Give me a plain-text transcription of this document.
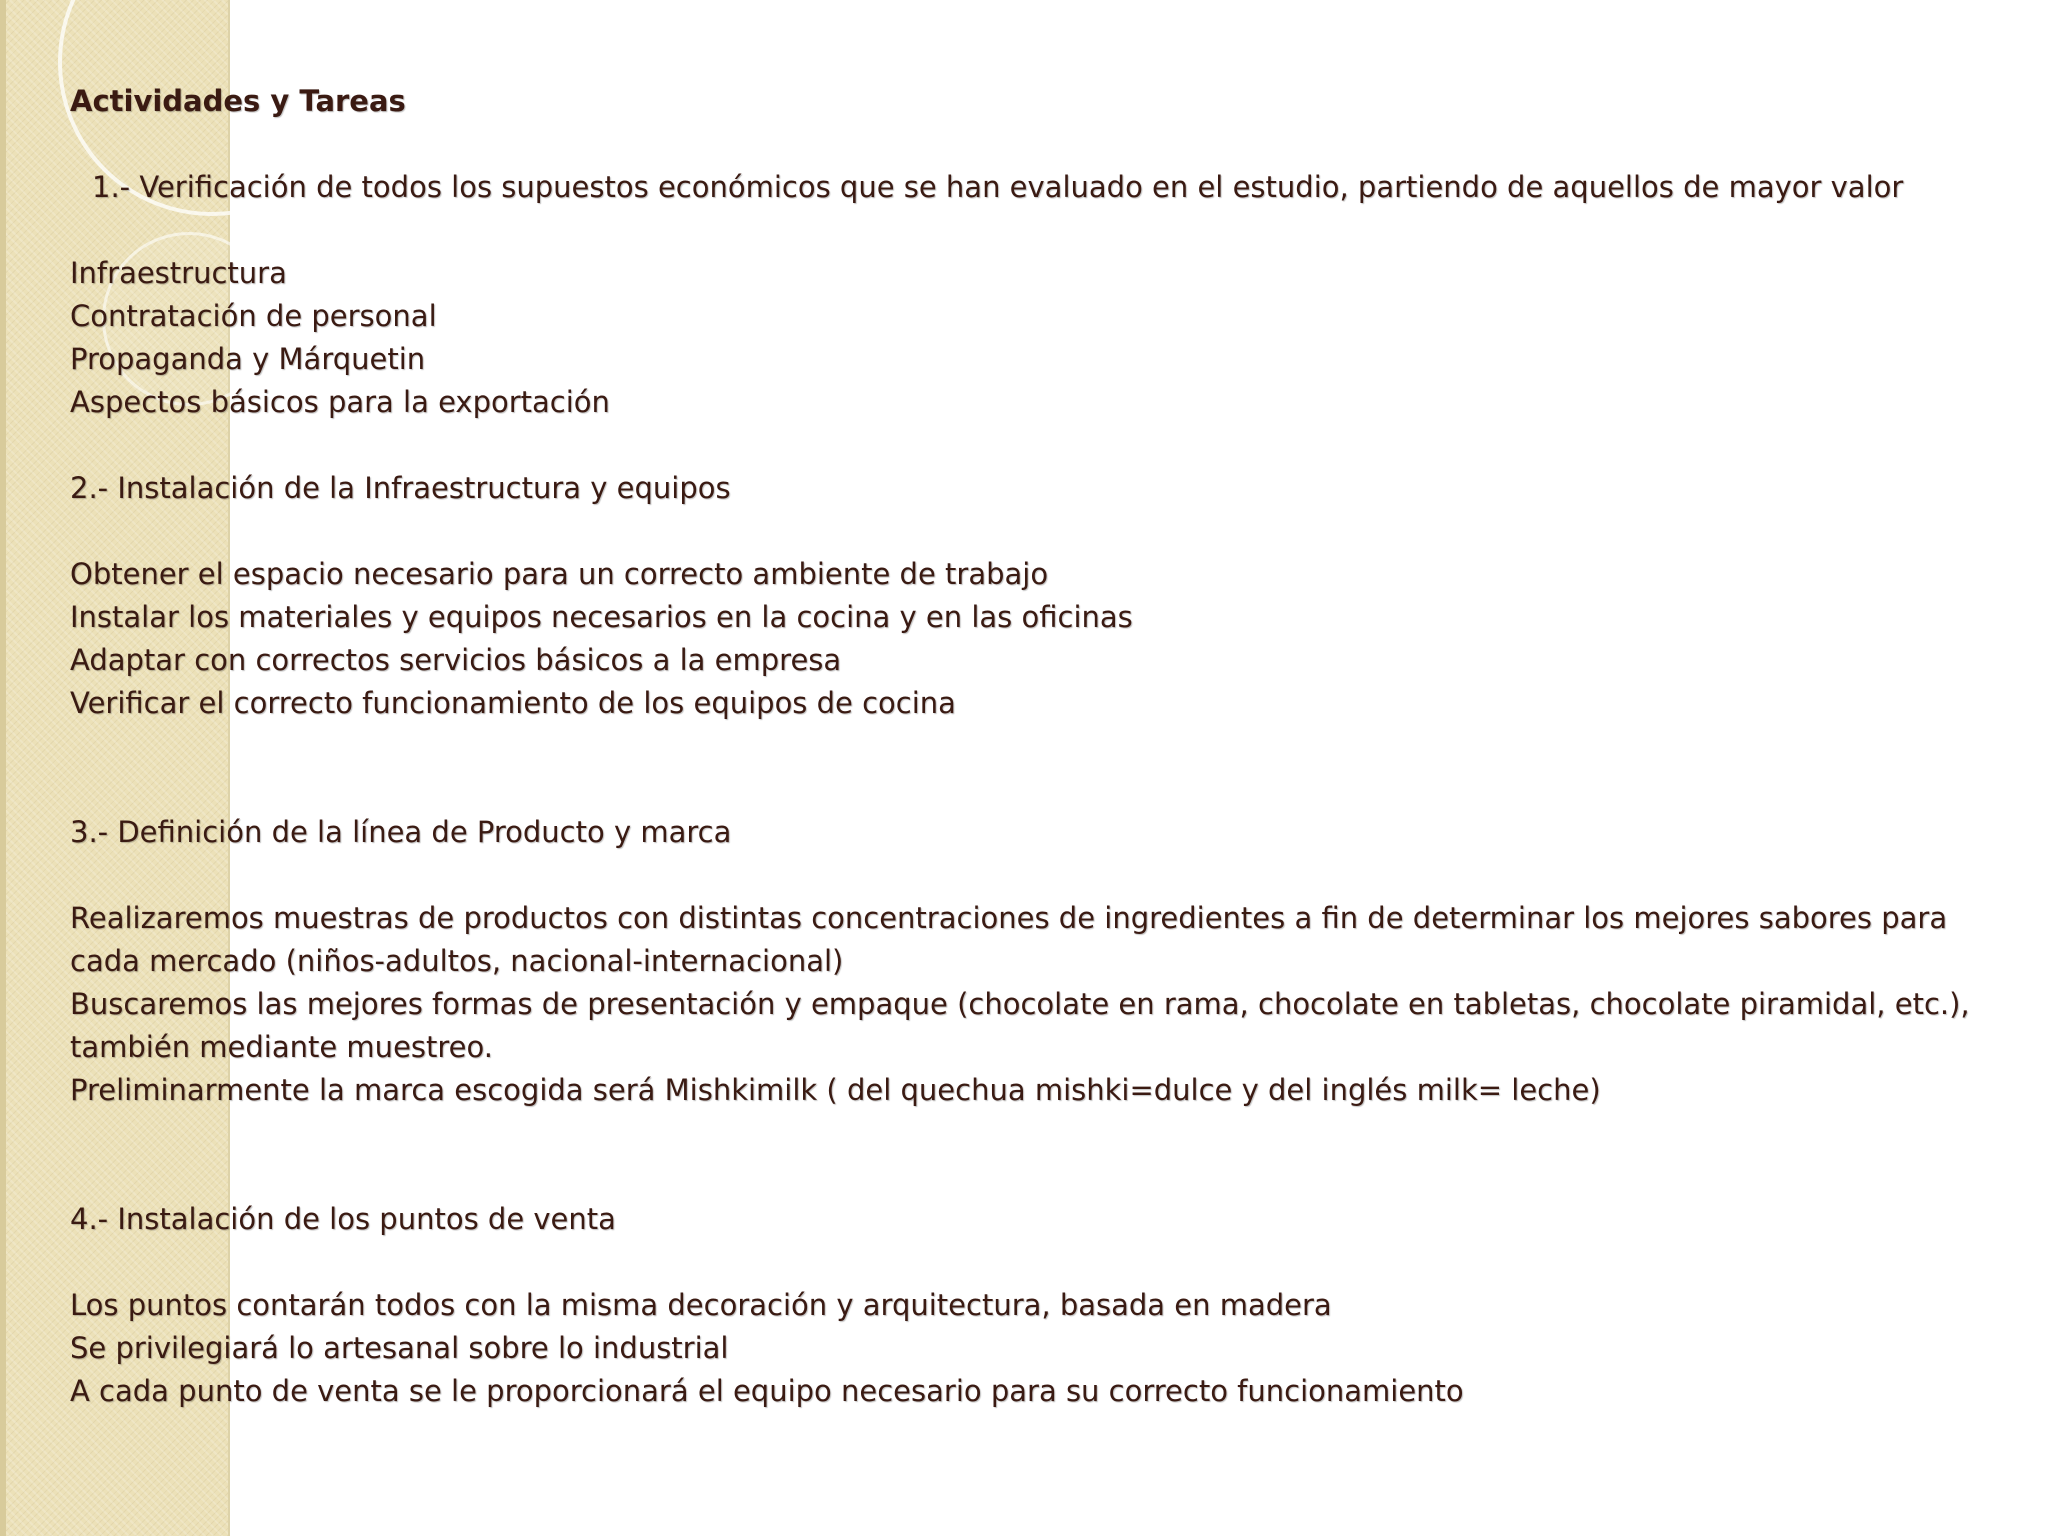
Actividades y Tareas
1.- Verificación de todos los supuestos económicos que se han evaluado en el estudio, partiendo de aquellos de mayor valor
Infraestructura
Contratación de personal
Propaganda y Márquetin
Aspectos básicos para la exportación
2.- Instalación de la Infraestructura y equipos
Obtener el espacio necesario para un correcto ambiente de trabajo
Instalar los materiales y equipos necesarios en la cocina y en las oficinas
Adaptar con correctos servicios básicos a la empresa
Verificar el correcto funcionamiento de los equipos de cocina
3.- Definición de la línea de Producto y marca
Realizaremos muestras de productos con distintas concentraciones de ingredientes a fin de determinar los mejores sabores para cada mercado (niños-adultos, nacional-internacional)
Buscaremos las mejores formas de presentación y empaque (chocolate en rama, chocolate en tabletas, chocolate piramidal, etc.), también mediante muestreo.
Preliminarmente la marca escogida será Mishkimilk ( del quechua mishki=dulce y del inglés milk= leche)
4.- Instalación de los puntos de venta
Los puntos contarán todos con la misma decoración y arquitectura, basada en madera
Se privilegiará lo artesanal sobre lo industrial
A cada punto de venta se le proporcionará el equipo necesario para su correcto funcionamiento
